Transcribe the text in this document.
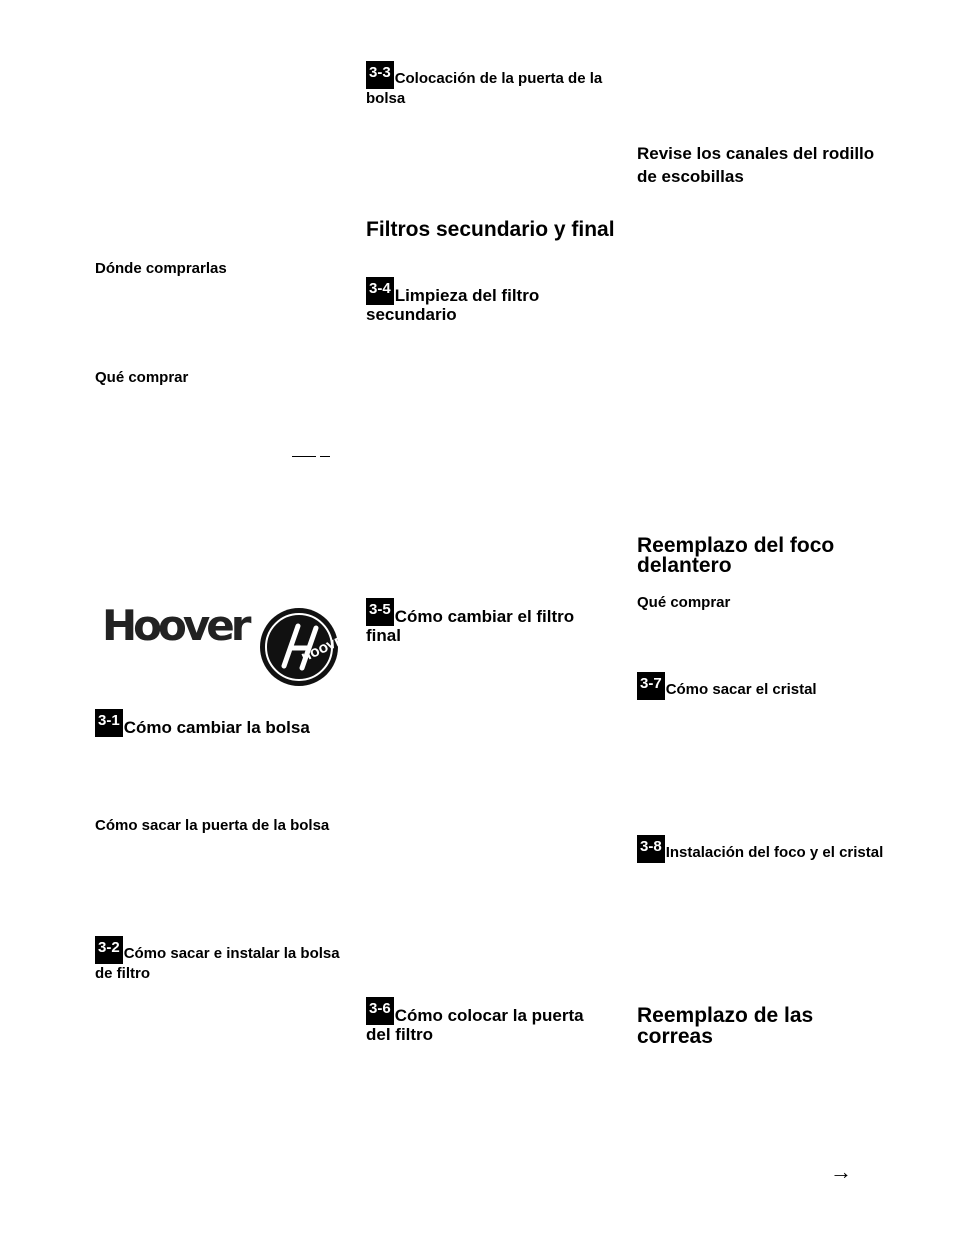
Dónde comprarlas
Qué comprar
Hoover	HOOVER
3-1 Cómo cambiar la bolsa
Cómo sacar la puerta de la bolsa
3-2 Cómo sacar e instalar la bolsa de filtro
3-3 Colocación de la puerta de la bolsa
Filtros secundario y final
3-4 Limpieza del filtro secundario
3-5 Cómo cambiar el filtro final
3-6 Cómo colocar la puerta del filtro
Revise los canales del rodillo de escobillas
Reemplazo del foco delantero
Qué comprar
3-7 Cómo sacar el cristal
3-8 Instalación del foco y el cristal
Reemplazo de las correas
→
